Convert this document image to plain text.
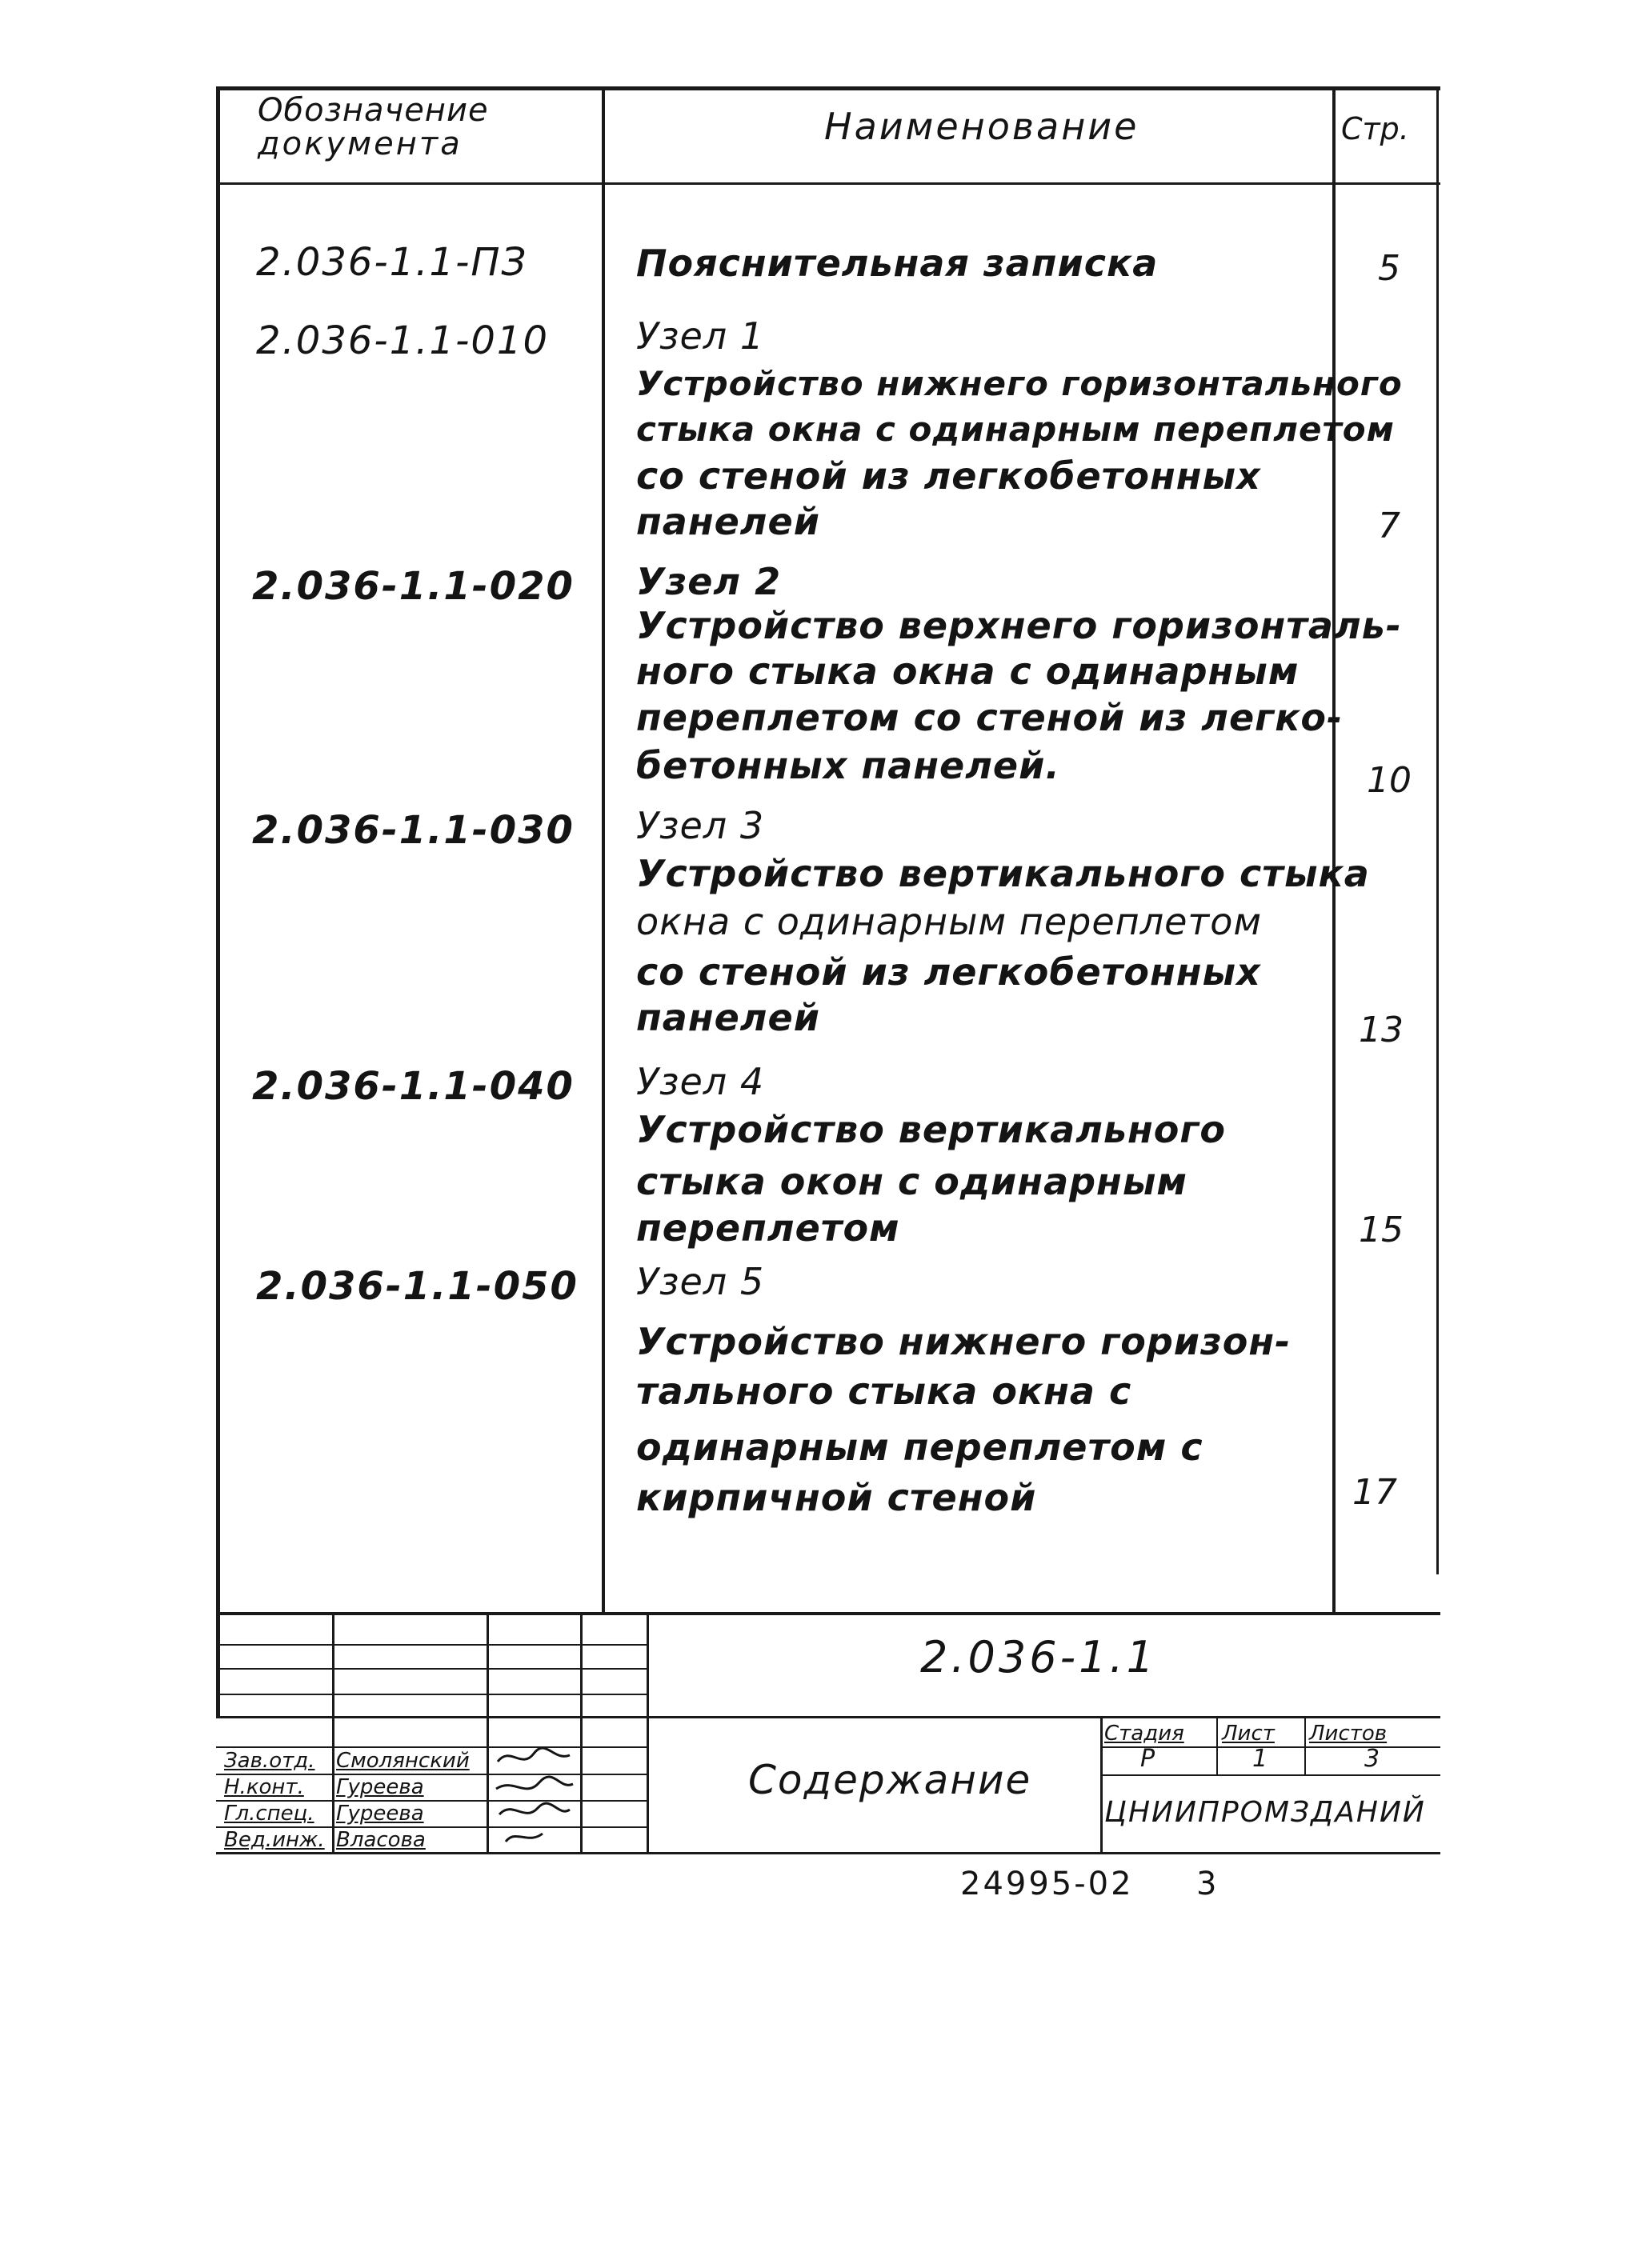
Обозначение
документа	Наименование	Стр.
2.036-1.1-ПЗ	Пояснительная записка	5
2.036-1.1-010 Узел 1
Устройство нижнего горизонтального
стыка окна с одинарным переплетом
со стеной из легкобетонных
панелей	7
2.036-1.1-020 Узел 2
Устройство верхнего горизонталь-
ного стыка окна с одинарным
переплетом со стеной из легко-
бетонных панелей.	10
2.036-1.1-030 Узел 3
Устройство вертикального стыка
окна с одинарным переплетом
со стеной из легкобетонных
панелей	13
2.036-1.1-040 Узел 4
Устройство вертикального
стыка окон с одинарным
переплетом	15
2.036-1.1-050 Узел 5
Устройство нижнего горизон-
тального стыка окна с
одинарным переплетом с
кирпичной стеной	17
2.036-1.1
Содержание
Стадия Лист Листов
Р	1	3
ЦНИИПРОМЗДАНИЙ
Зав.отд. Смолянский
Н.конт. Гуреева
Гл.спец. Гуреева
Вед.инж. Власова
24995-02 3
